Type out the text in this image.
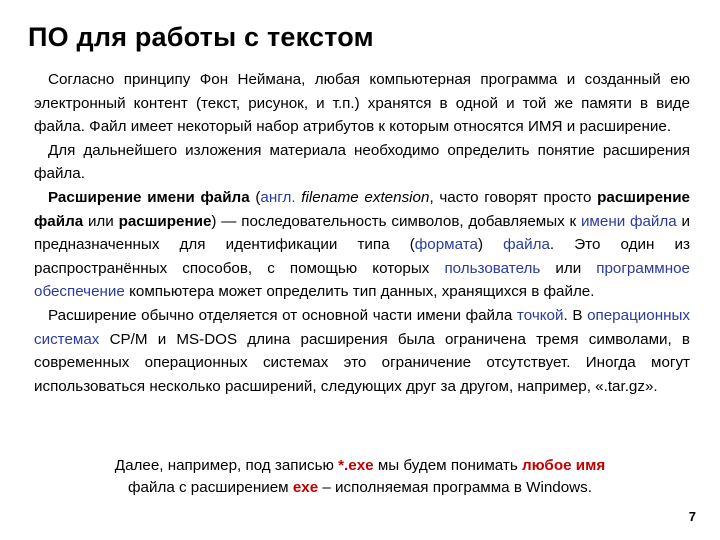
ПО для работы с текстом

Согласно принципу Фон Неймана, любая компьютерная программа и созданный ею электронный контент (текст, рисунок, и т.п.) хранятся в одной и той же памяти в виде файла. Файл имеет некоторый набор атрибутов к которым относятся ИМЯ и расширение.

Для дальнейшего изложения материала необходимо определить понятие расширения файла.

Расширение имени файла (англ. filename extension, часто говорят просто расширение файла или расширение) — последовательность символов, добавляемых к имени файла и предназначенных для идентификации типа (формата) файла. Это один из распространённых способов, с помощью которых пользователь или программное обеспечение компьютера может определить тип данных, хранящихся в файле.

Расширение обычно отделяется от основной части имени файла точкой. В операционных системах CP/M и MS-DOS длина расширения была ограничена тремя символами, в современных операционных системах это ограничение отсутствует. Иногда могут использоваться несколько расширений, следующих друг за другом, например, «.tar.gz».

Далее, например, под записью *.exe мы будем понимать любое имя
файла с расширением exe – исполняемая программа в Windows.
7
